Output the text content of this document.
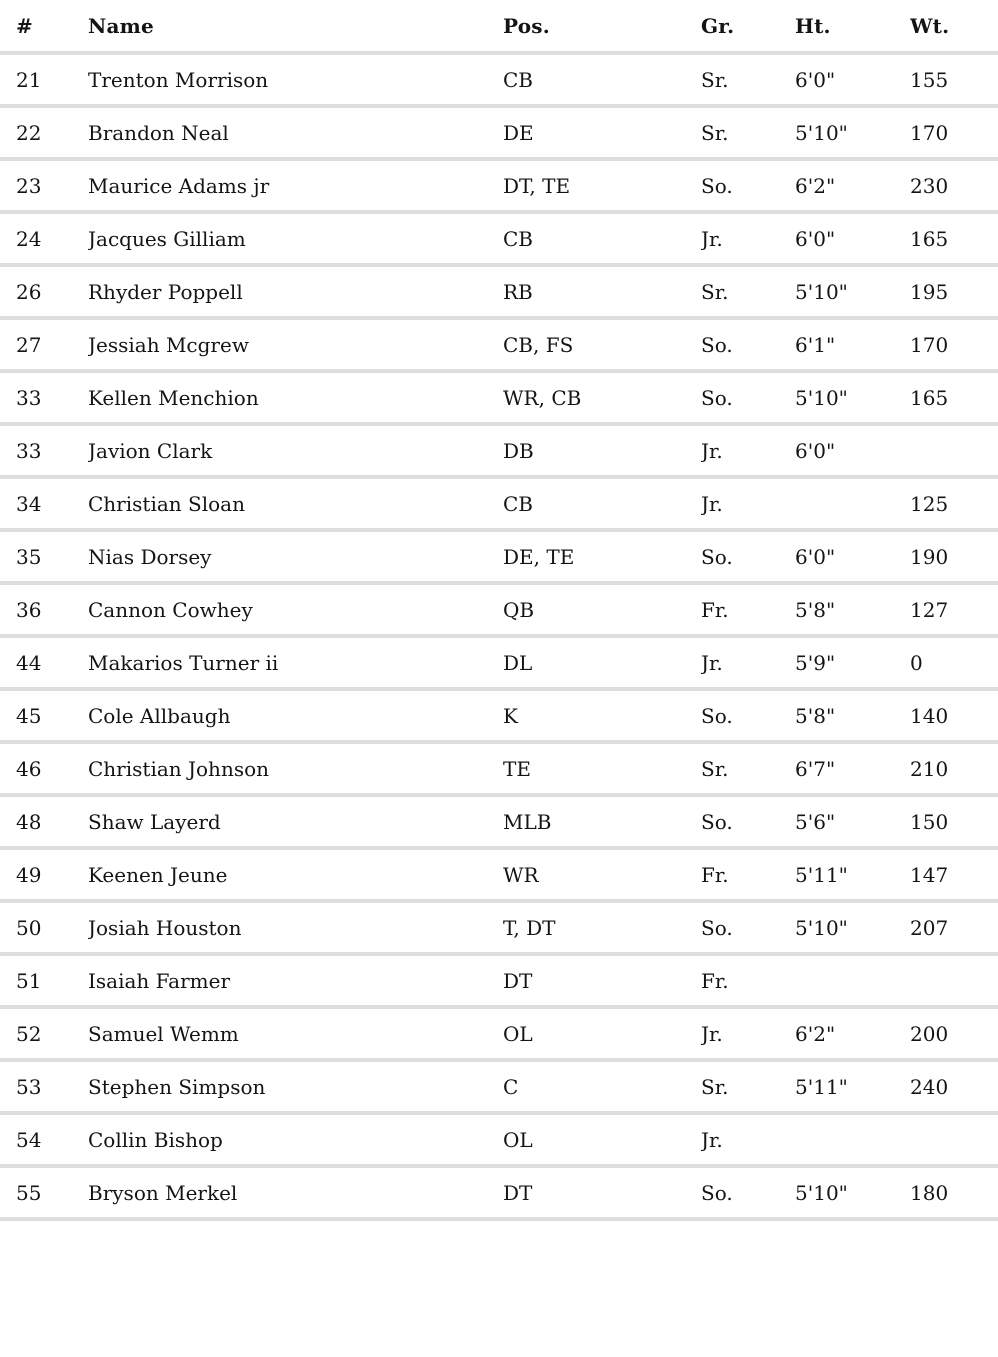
#	Name	Pos.	Gr.	Ht.	Wt.
21	Trenton Morrison	CB	Sr.	6'0"	155
22	Brandon Neal	DE	Sr.	5'10"	170
23	Maurice Adams jr	DT, TE	So.	6'2"	230
24	Jacques Gilliam	CB	Jr.	6'0"	165
26	Rhyder Poppell	RB	Sr.	5'10"	195
27	Jessiah Mcgrew	CB, FS	So.	6'1"	170
33	Kellen Menchion	WR, CB	So.	5'10"	165
33	Javion Clark	DB	Jr.	6'0"	
34	Christian Sloan	CB	Jr.		125
35	Nias Dorsey	DE, TE	So.	6'0"	190
36	Cannon Cowhey	QB	Fr.	5'8"	127
44	Makarios Turner ii	DL	Jr.	5'9"	0
45	Cole Allbaugh	K	So.	5'8"	140
46	Christian Johnson	TE	Sr.	6'7"	210
48	Shaw Layerd	MLB	So.	5'6"	150
49	Keenen Jeune	WR	Fr.	5'11"	147
50	Josiah Houston	T, DT	So.	5'10"	207
51	Isaiah Farmer	DT	Fr.		
52	Samuel Wemm	OL	Jr.	6'2"	200
53	Stephen Simpson	C	Sr.	5'11"	240
54	Collin Bishop	OL	Jr.		
55	Bryson Merkel	DT	So.	5'10"	180
